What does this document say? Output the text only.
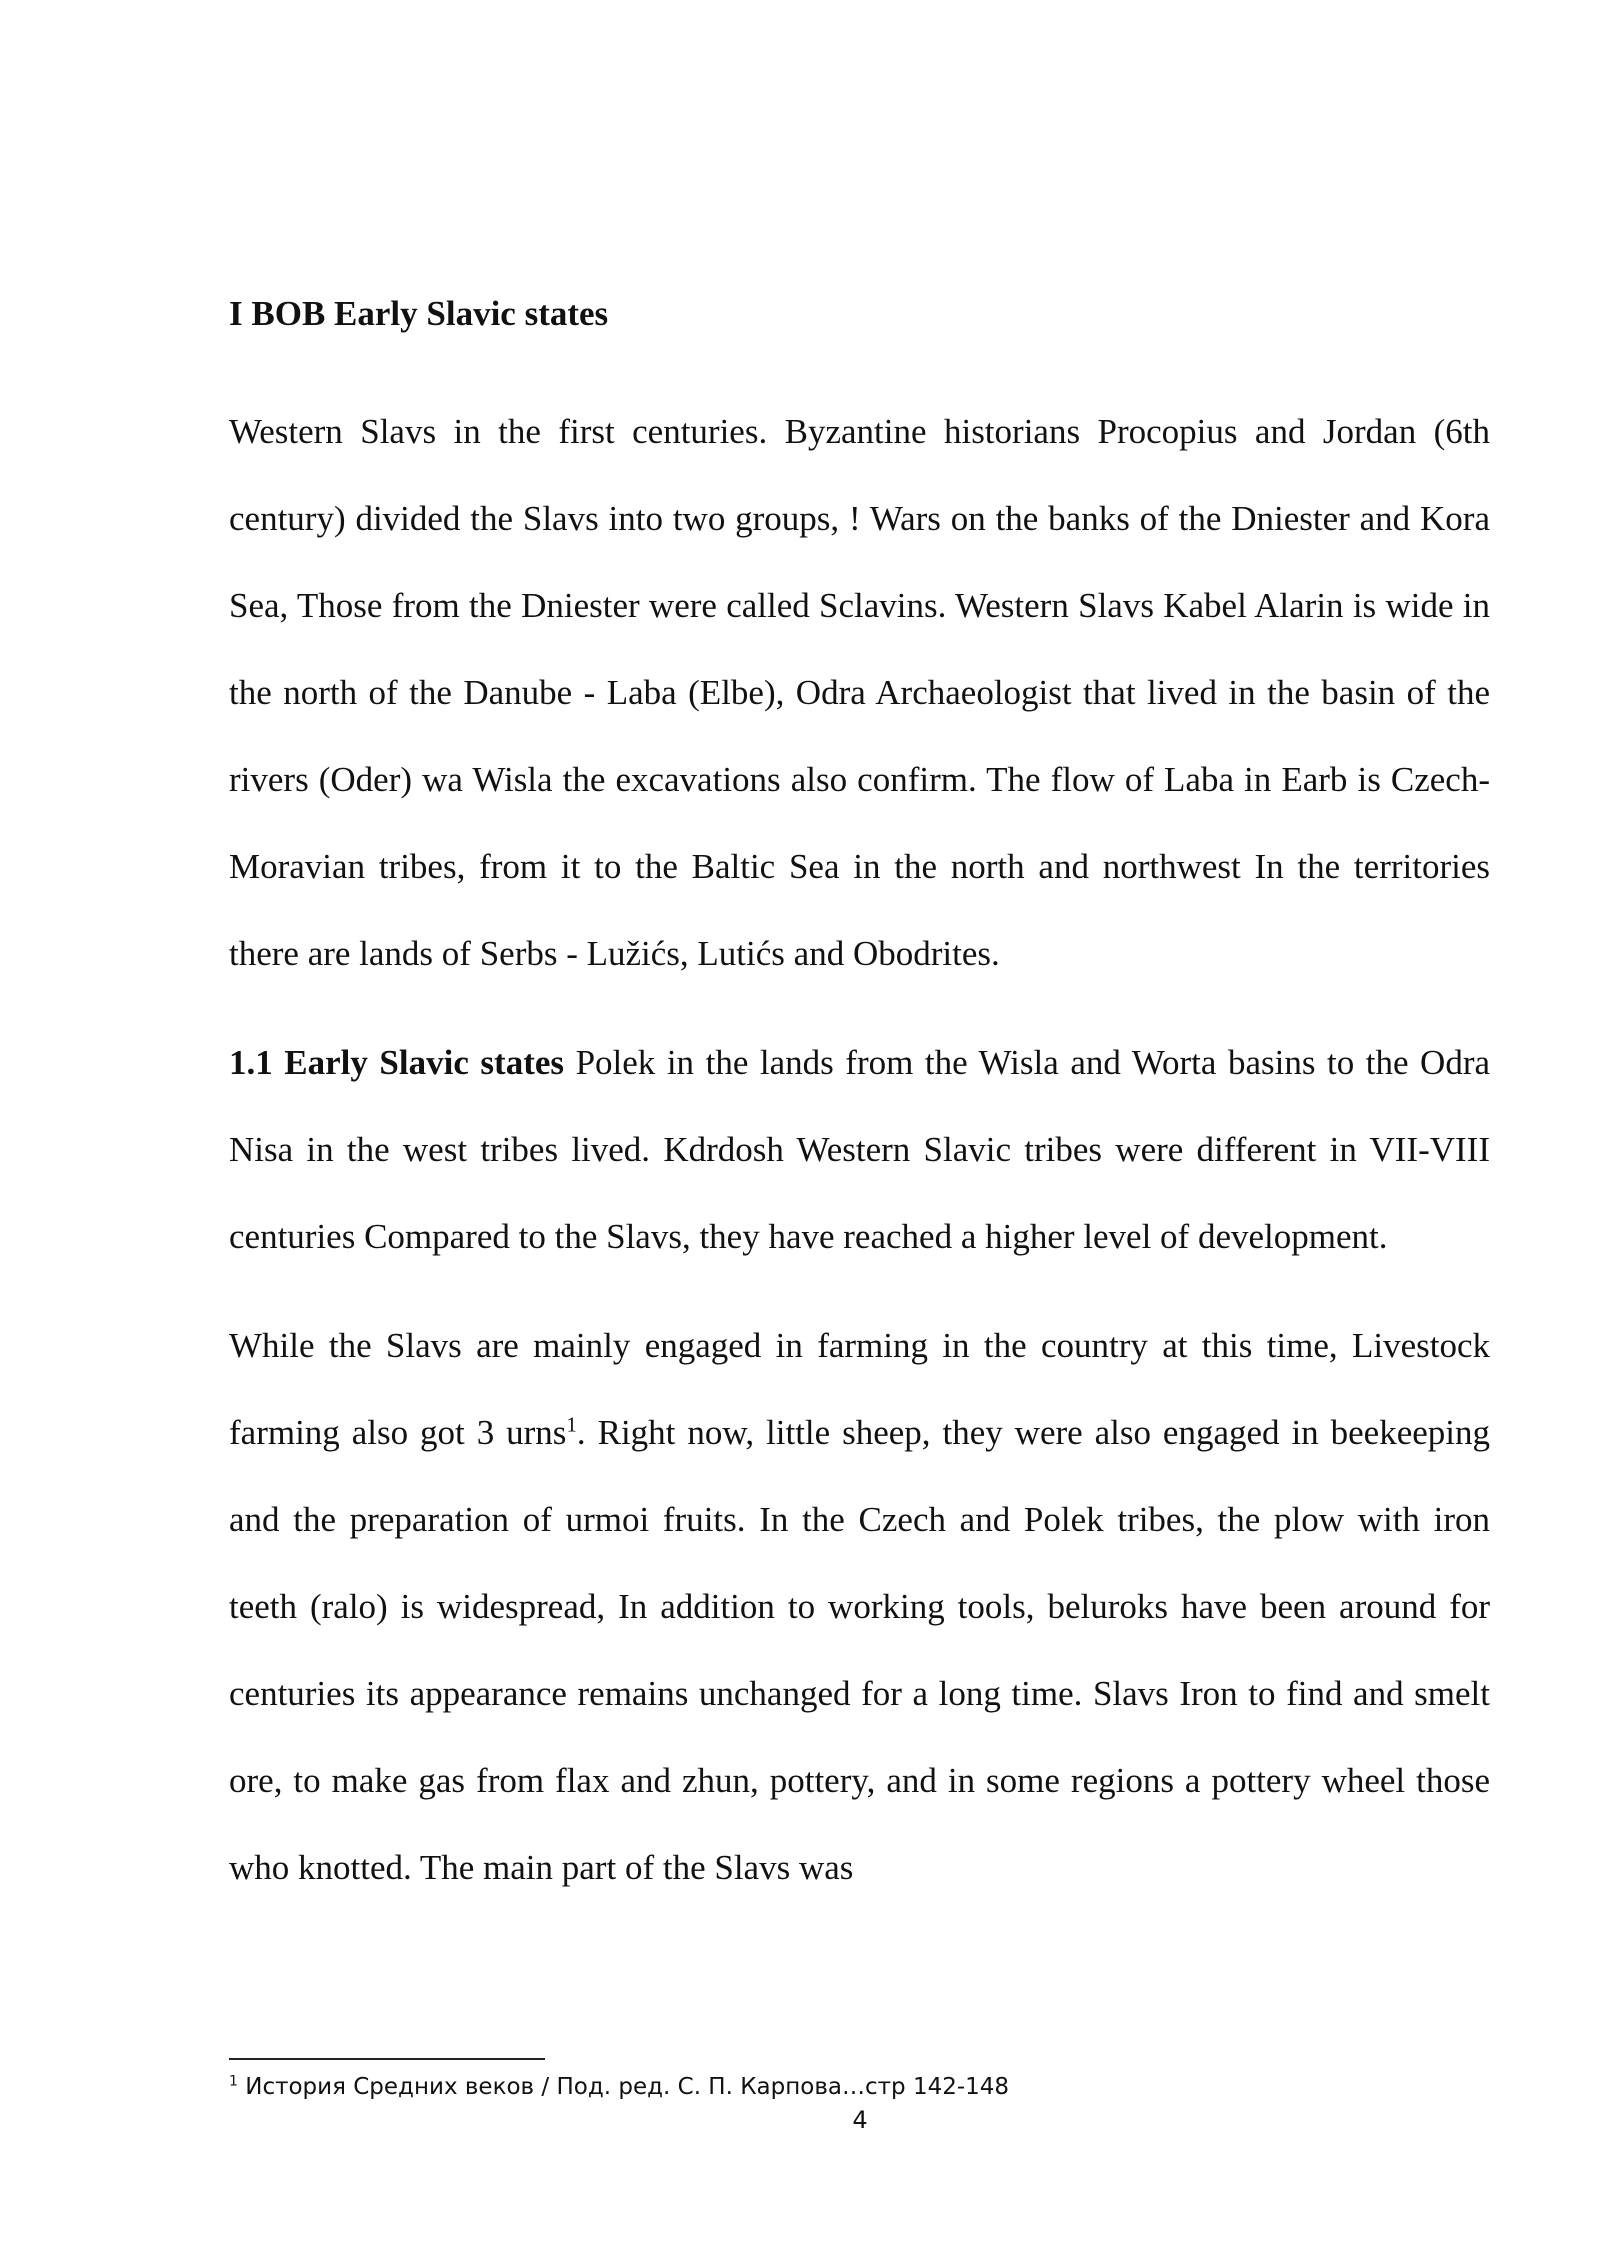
I BOB Early Slavic states

Western Slavs in the first centuries. Byzantine historians Procopius and Jordan (6th century) divided the Slavs into two groups, ! Wars on the banks of the Dniester and Kora Sea, Those from the Dniester were called Sclavins. Western Slavs Kabel Alarin is wide in the north of the Danube - Laba (Elbe), Odra Archaeologist that lived in the basin of the rivers (Oder) wa Wisla the excavations also confirm. The flow of Laba in Earb is Czech-Moravian tribes, from it to the Baltic Sea in the north and northwest In the territories there are lands of Serbs - Lužićs, Lutićs and Obodrites.

1.1 Early Slavic states Polek in the lands from the Wisla and Worta basins to the Odra Nisa in the west tribes lived. Kdrdosh Western Slavic tribes were different in VII-VIII centuries Compared to the Slavs, they have reached a higher level of development.

While the Slavs are mainly engaged in farming in the country at this time, Livestock farming also got 3 urns$^1$. Right now, little sheep, they were also engaged in beekeeping and the preparation of urmoi fruits. In the Czech and Polek tribes, the plow with iron teeth (ralo) is widespread, In addition to working tools, beluroks have been around for centuries its appearance remains unchanged for a long time. Slavs Iron to find and smelt ore, to make gas from flax and zhun, pottery, and in some regions a pottery wheel those who knotted. The main part of the Slavs was

$^1$ История Средних веков / Под. ред. С. П. Карпова…стр 142-148
4
